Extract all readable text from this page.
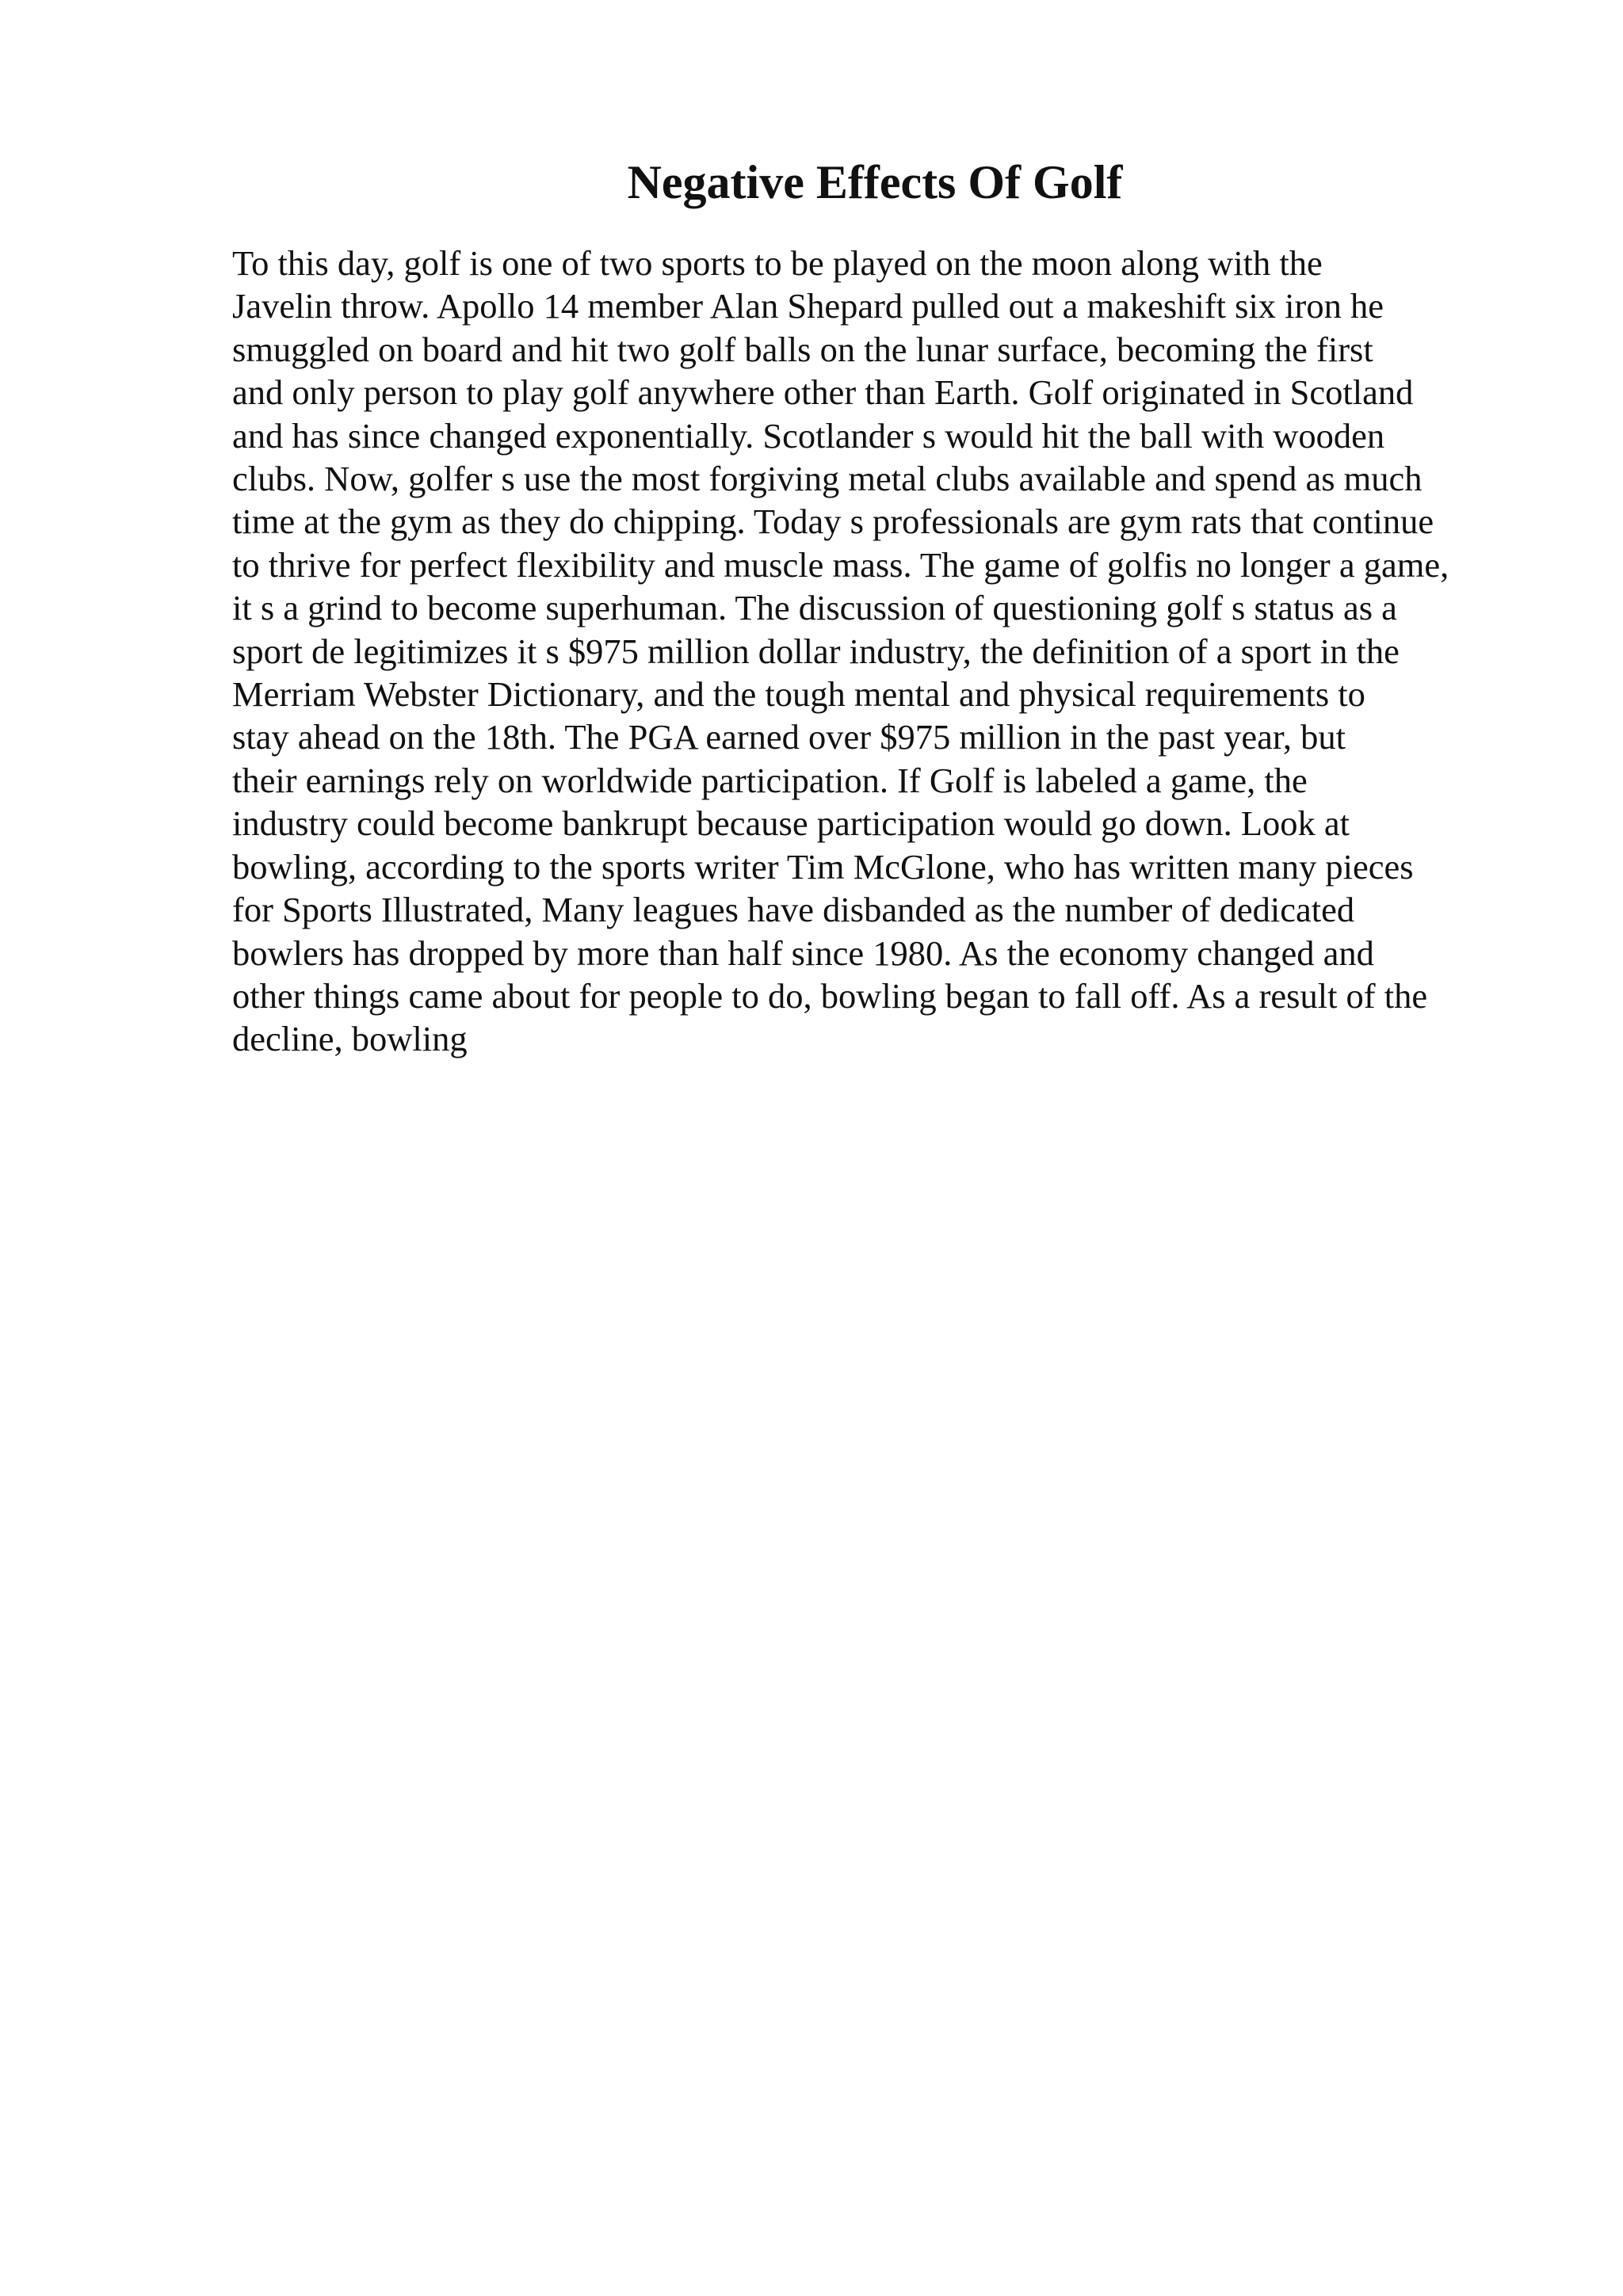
Negative Effects Of Golf
To this day, golf is one of two sports to be played on the moon along with the
Javelin throw. Apollo 14 member Alan Shepard pulled out a makeshift six iron he
smuggled on board and hit two golf balls on the lunar surface, becoming the first
and only person to play golf anywhere other than Earth. Golf originated in Scotland
and has since changed exponentially. Scotlander s would hit the ball with wooden
clubs. Now, golfer s use the most forgiving metal clubs available and spend as much
time at the gym as they do chipping. Today s professionals are gym rats that continue
to thrive for perfect flexibility and muscle mass. The game of golfis no longer a game,
it s a grind to become superhuman. The discussion of questioning golf s status as a
sport de legitimizes it s $975 million dollar industry, the definition of a sport in the
Merriam Webster Dictionary, and the tough mental and physical requirements to
stay ahead on the 18th. The PGA earned over $975 million in the past year, but
their earnings rely on worldwide participation. If Golf is labeled a game, the
industry could become bankrupt because participation would go down. Look at
bowling, according to the sports writer Tim McGlone, who has written many pieces
for Sports Illustrated, Many leagues have disbanded as the number of dedicated
bowlers has dropped by more than half since 1980. As the economy changed and
other things came about for people to do, bowling began to fall off. As a result of the
decline, bowling
